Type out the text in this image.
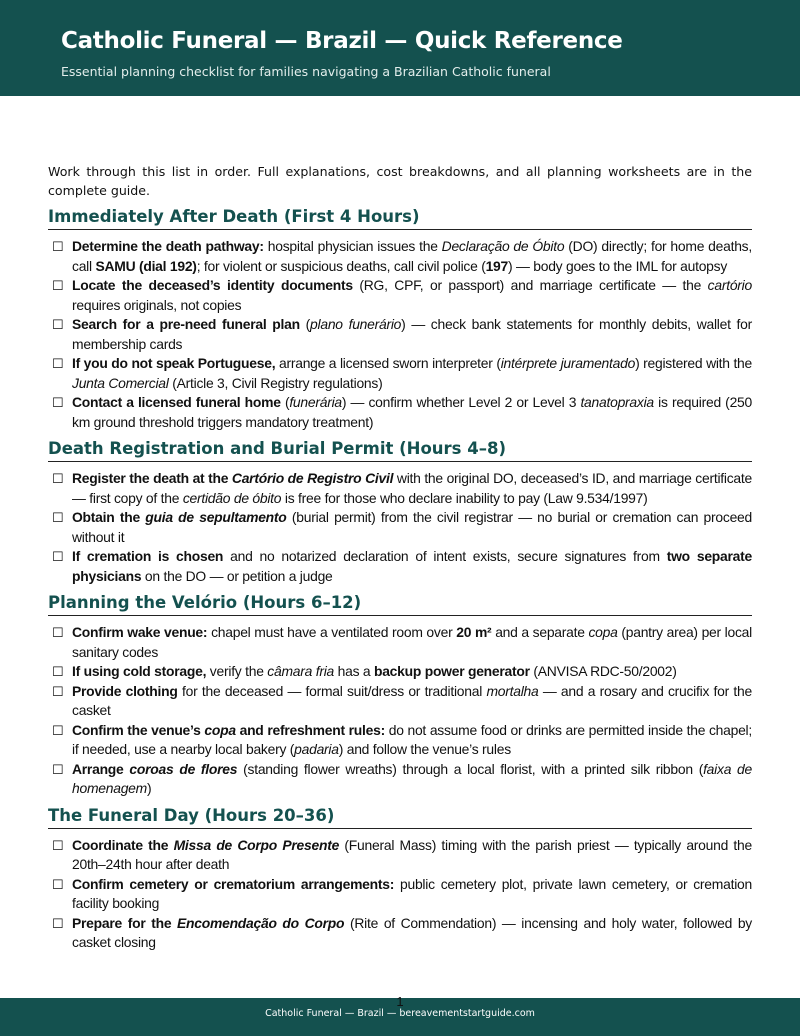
Catholic Funeral — Brazil — Quick Reference

Essential planning checklist for families navigating a Brazilian Catholic funeral

Work through this list in order. Full explanations, cost breakdowns, and all planning worksheets are in the complete guide.

Immediately After Death (First 4 Hours)
☐ Determine the death pathway: hospital physician issues the Declaração de Óbito (DO) directly; for home deaths, call SAMU (dial 192); for violent or suspicious deaths, call civil police (197) — body goes to the IML for autopsy
☐ Locate the deceased’s identity documents (RG, CPF, or passport) and marriage certificate — the cartório requires originals, not copies
☐ Search for a pre-need funeral plan (plano funerário) — check bank statements for monthly debits, wallet for membership cards
☐ If you do not speak Portuguese, arrange a licensed sworn interpreter (intérprete juramentado) registered with the Junta Comercial (Article 3, Civil Registry regulations)
☐ Contact a licensed funeral home (funerária) — confirm whether Level 2 or Level 3 tanatopraxia is required (250 km ground threshold triggers mandatory treatment)
Death Registration and Burial Permit (Hours 4–8)
☐ Register the death at the Cartório de Registro Civil with the original DO, deceased’s ID, and marriage certificate — first copy of the certidão de óbito is free for those who declare inability to pay (Law 9.534/1997)
☐ Obtain the guia de sepultamento (burial permit) from the civil registrar — no burial or cremation can proceed without it
☐ If cremation is chosen and no notarized declaration of intent exists, secure signatures from two separate physicians on the DO — or petition a judge
Planning the Velório (Hours 6–12)
☐ Confirm wake venue: chapel must have a ventilated room over 20 m² and a separate copa (pantry area) per local sanitary codes
☐ If using cold storage, verify the câmara fria has a backup power generator (ANVISA RDC-50/2002)
☐ Provide clothing for the deceased — formal suit/dress or traditional mortalha — and a rosary and crucifix for the casket
☐ Confirm the venue’s copa and refreshment rules: do not assume food or drinks are permitted inside the chapel; if needed, use a nearby local bakery (padaria) and follow the venue’s rules
☐ Arrange coroas de flores (standing flower wreaths) through a local florist, with a printed silk ribbon (faixa de homenagem)
The Funeral Day (Hours 20–36)
☐ Coordinate the Missa de Corpo Presente (Funeral Mass) timing with the parish priest — typically around the 20th–24th hour after death
☐ Confirm cemetery or crematorium arrangements: public cemetery plot, private lawn cemetery, or cremation facility booking
☐ Prepare for the Encomendação do Corpo (Rite of Commendation) — incensing and holy water, followed by casket closing
Catholic Funeral — Brazil — bereavementstartguide.com
1
